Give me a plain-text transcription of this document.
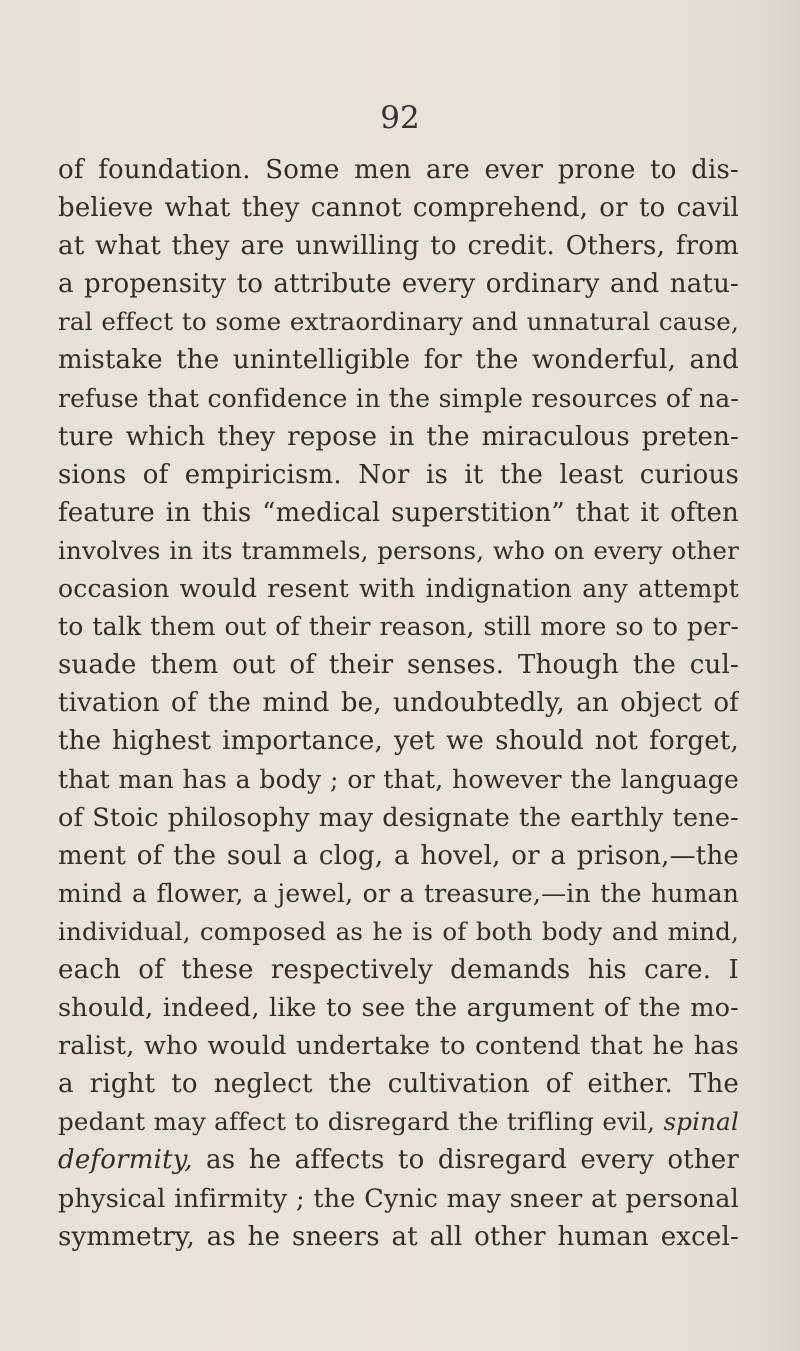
92
of foundation. Some men are ever prone to dis-
believe what they cannot comprehend, or to cavil
at what they are unwilling to credit. Others, from
a propensity to attribute every ordinary and natu-
ral effect to some extraordinary and unnatural cause,
mistake the unintelligible for the wonderful, and
refuse that confidence in the simple resources of na-
ture which they repose in the miraculous preten-
sions of empiricism. Nor is it the least curious
feature in this “medical superstition” that it often
involves in its trammels, persons, who on every other
occasion would resent with indignation any attempt
to talk them out of their reason, still more so to per-
suade them out of their senses. Though the cul-
tivation of the mind be, undoubtedly, an object of
the highest importance, yet we should not forget,
that man has a body ; or that, however the language
of Stoic philosophy may designate the earthly tene-
ment of the soul a clog, a hovel, or a prison,—the
mind a flower, a jewel, or a treasure,—in the human
individual, composed as he is of both body and mind,
each of these respectively demands his care. I
should, indeed, like to see the argument of the mo-
ralist, who would undertake to contend that he has
a right to neglect the cultivation of either. The
pedant may affect to disregard the trifling evil, spinal
deformity, as he affects to disregard every other
physical infirmity ; the Cynic may sneer at personal
symmetry, as he sneers at all other human excel-
